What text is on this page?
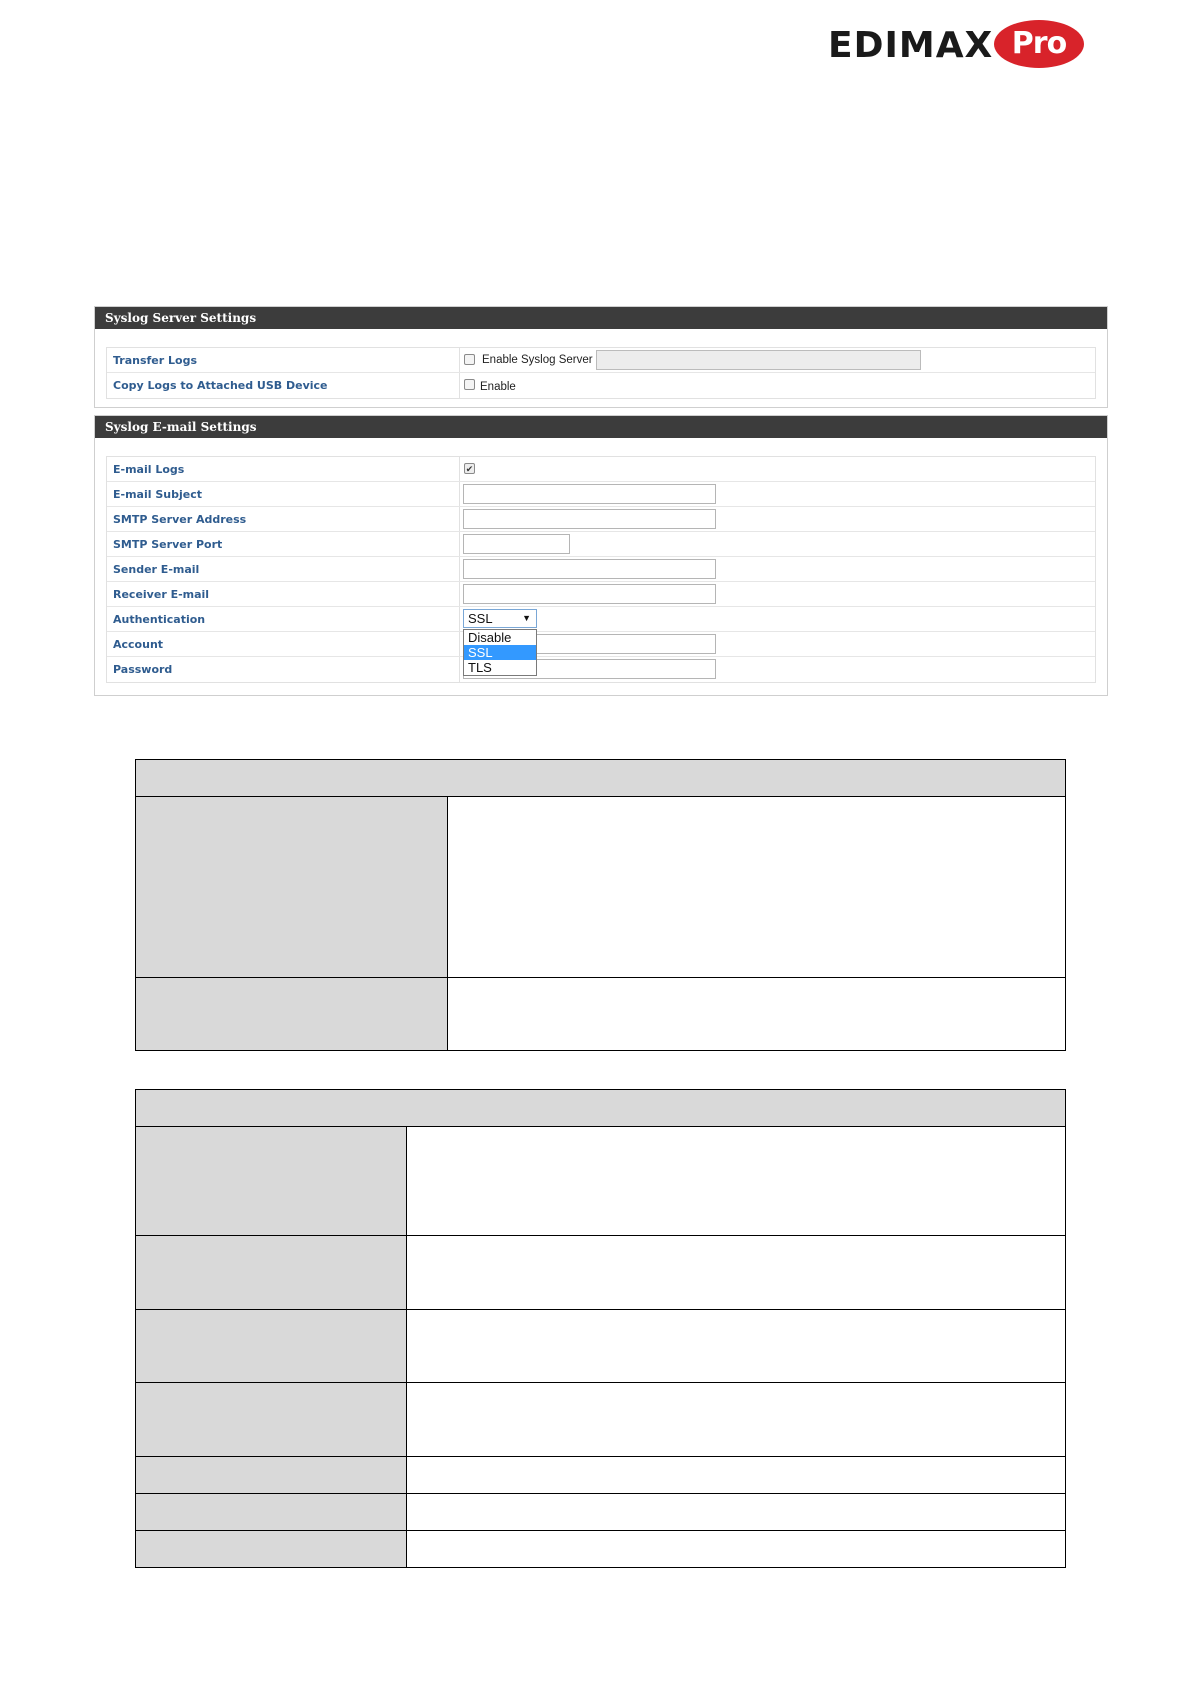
EDIMAX Pro
Syslog Server Settings
Transfer Logs	Enable Syslog Server
Copy Logs to Attached USB Device	Enable
Syslog E-mail Settings
E-mail Logs	✔
E-mail Subject
SMTP Server Address
SMTP Server Port
Sender E-mail
Receiver E-mail
Authentication	SSL	▼
Disable
SSL
TLS
Account
Password
